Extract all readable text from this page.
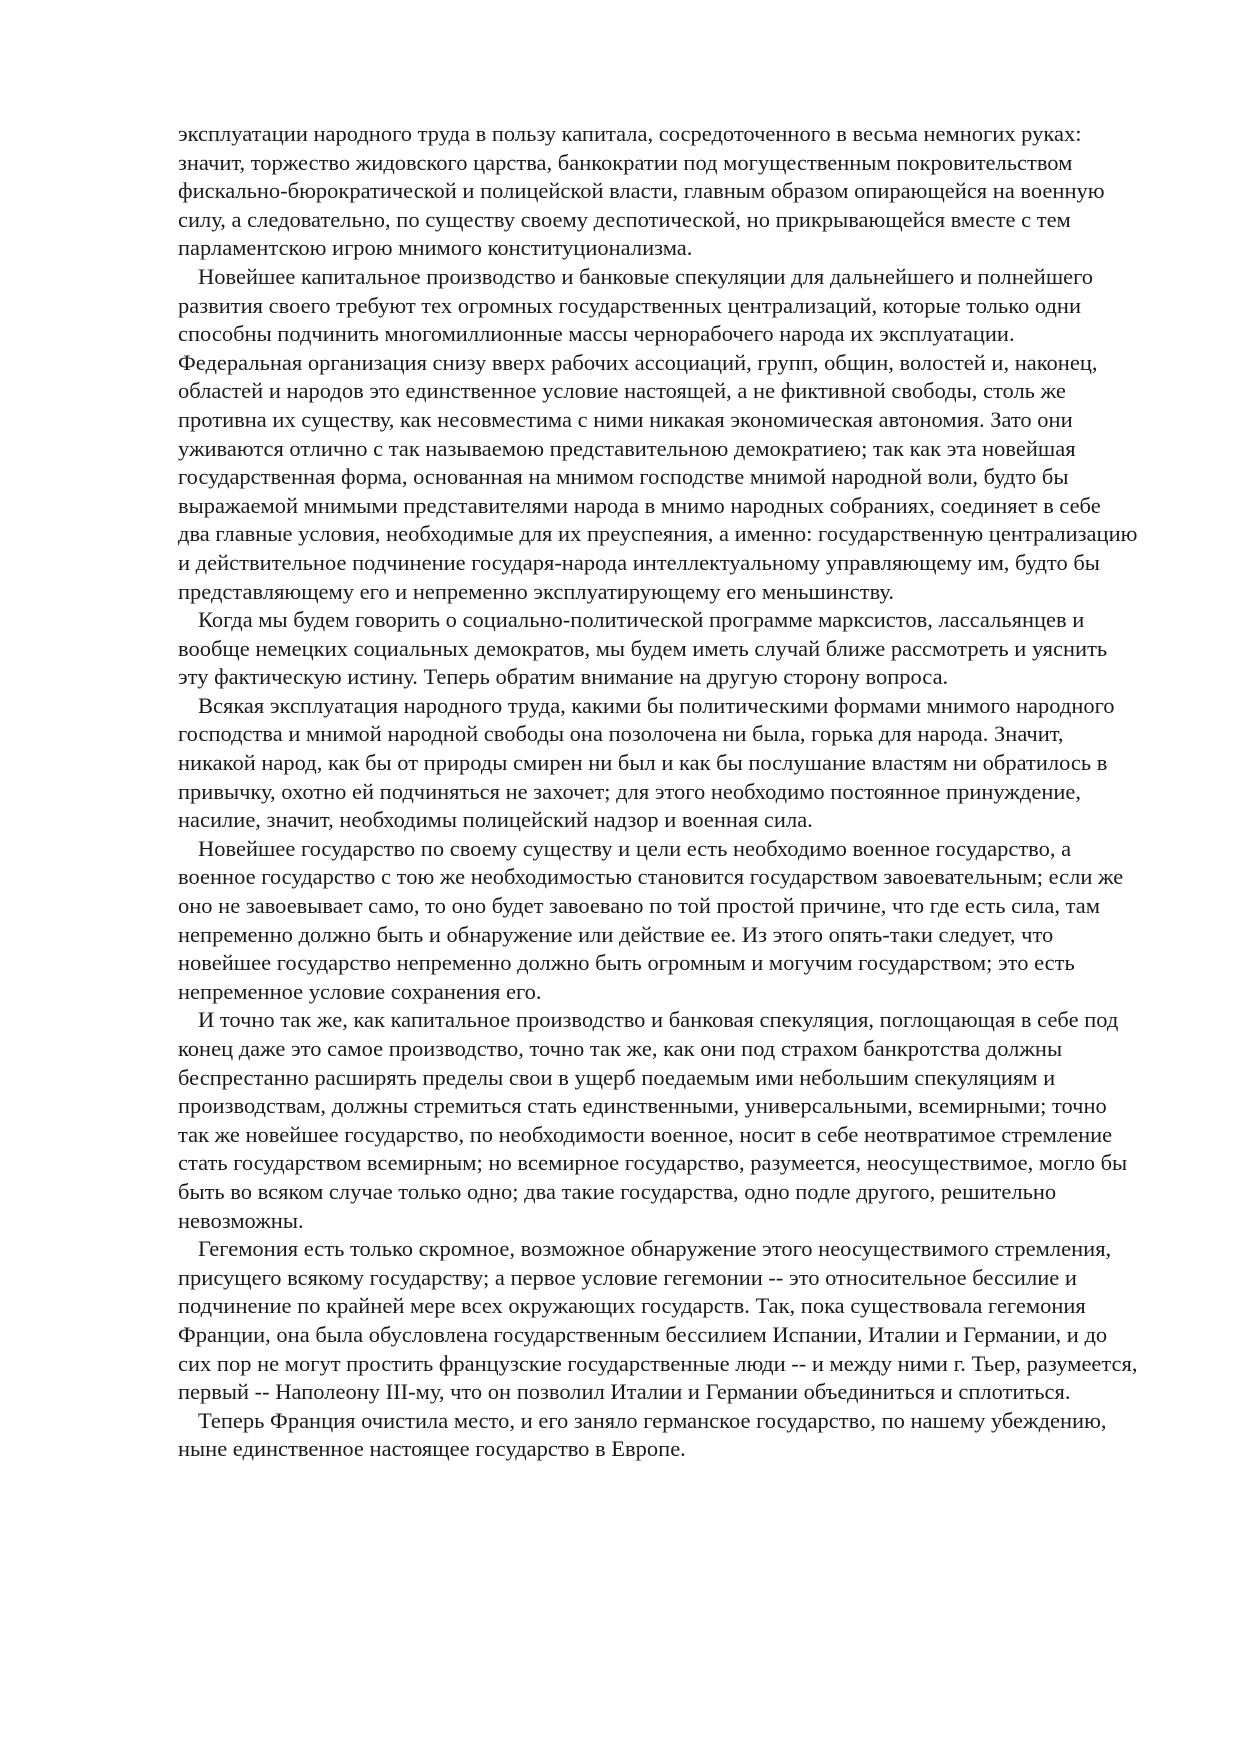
эксплуатации народного труда в пользу капитала, сосредоточенного в весьма немногих руках: значит, торжество жидовского царства, банкократии под могущественным покровительством фискально-бюрократической и полицейской власти, главным образом опирающейся на военную силу, а следовательно, по существу своему деспотической, но прикрывающейся вместе с тем парламентскою игрою мнимого конституционализма.

Новейшее капитальное производство и банковые спекуляции для дальнейшего и полнейшего развития своего требуют тех огромных государственных централизаций, которые только одни способны подчинить многомиллионные массы чернорабочего народа их эксплуатации. Федеральная организация снизу вверх рабочих ассоциаций, групп, общин, волостей и, наконец, областей и народов это единственное условие настоящей, а не фиктивной свободы, столь же противна их существу, как несовместима с ними никакая экономическая автономия. Зато они уживаются отлично с так называемою представительною демократиею; так как эта новейшая государственная форма, основанная на мнимом господстве мнимой народной воли, будто бы выражаемой мнимыми представителями народа в мнимо народных собраниях, соединяет в себе два главные условия, необходимые для их преуспеяния, а именно: государственную централизацию и действительное подчинение государя-народа интеллектуальному управляющему им, будто бы представляющему его и непременно эксплуатирующему его меньшинству.

Когда мы будем говорить о социально-политической программе марксистов, лассальянцев и вообще немецких социальных демократов, мы будем иметь случай ближе рассмотреть и уяснить эту фактическую истину. Теперь обратим внимание на другую сторону вопроса.

Всякая эксплуатация народного труда, какими бы политическими формами мнимого народного господства и мнимой народной свободы она позолочена ни была, горька для народа. Значит, никакой народ, как бы от природы смирен ни был и как бы послушание властям ни обратилось в привычку, охотно ей подчиняться не захочет; для этого необходимо постоянное принуждение, насилие, значит, необходимы полицейский надзор и военная сила.

Новейшее государство по своему существу и цели есть необходимо военное государство, а военное государство с тою же необходимостью становится государством завоевательным; если же оно не завоевывает само, то оно будет завоевано по той простой причине, что где есть сила, там непременно должно быть и обнаружение или действие ее. Из этого опять-таки следует, что новейшее государство непременно должно быть огромным и могучим государством; это есть непременное условие сохранения его.

И точно так же, как капитальное производство и банковая спекуляция, поглощающая в себе под конец даже это самое производство, точно так же, как они под страхом банкротства должны беспрестанно расширять пределы свои в ущерб поедаемым ими небольшим спекуляциям и производствам, должны стремиться стать единственными, универсальными, всемирными; точно так же новейшее государство, по необходимости военное, носит в себе неотвратимое стремление стать государством всемирным; но всемирное государство, разумеется, неосуществимое, могло бы быть во всяком случае только одно; два такие государства, одно подле другого, решительно невозможны.

Гегемония есть только скромное, возможное обнаружение этого неосуществимого стремления, присущего всякому государству; а первое условие гегемонии -- это относительное бессилие и подчинение по крайней мере всех окружающих государств. Так, пока существовала гегемония Франции, она была обусловлена государственным бессилием Испании, Италии и Германии, и до сих пор не могут простить французские государственные люди -- и между ними г. Тьер, разумеется, первый -- Наполеону III-му, что он позволил Италии и Германии объединиться и сплотиться.

Теперь Франция очистила место, и его заняло германское государство, по нашему убеждению, ныне единственное настоящее государство в Европе.
